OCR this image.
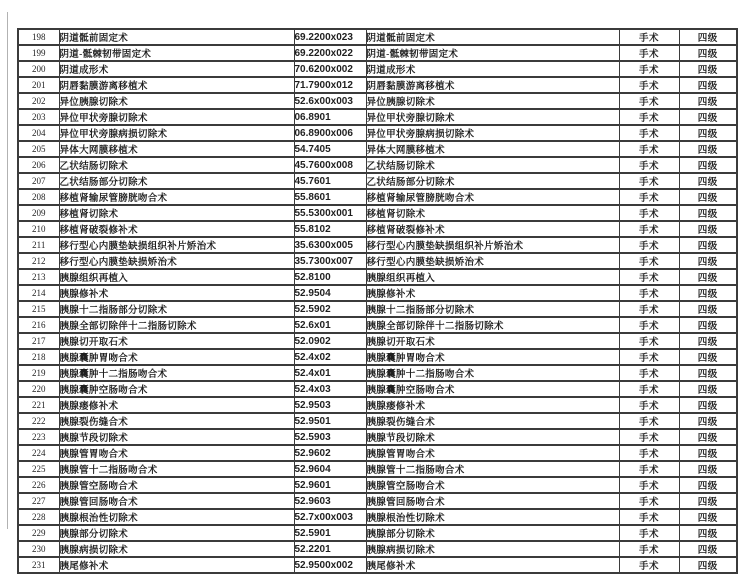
198	阴道骶前固定术	69.2200x023	阴道骶前固定术	手术	四级
199	阴道-骶棘韧带固定术	69.2200x022	阴道-骶棘韧带固定术	手术	四级
200	阴道成形术	70.6200x002	阴道成形术	手术	四级
201	阴唇黏膜游离移植术	71.7900x012	阴唇黏膜游离移植术	手术	四级
202	异位胰腺切除术	52.6x00x003	异位胰腺切除术	手术	四级
203	异位甲状旁腺切除术	06.8901	异位甲状旁腺切除术	手术	四级
204	异位甲状旁腺病损切除术	06.8900x006	异位甲状旁腺病损切除术	手术	四级
205	异体大网膜移植术	54.7405	异体大网膜移植术	手术	四级
206	乙状结肠切除术	45.7600x008	乙状结肠切除术	手术	四级
207	乙状结肠部分切除术	45.7601	乙状结肠部分切除术	手术	四级
208	移植肾输尿管膀胱吻合术	55.8601	移植肾输尿管膀胱吻合术	手术	四级
209	移植肾切除术	55.5300x001	移植肾切除术	手术	四级
210	移植肾破裂修补术	55.8102	移植肾破裂修补术	手术	四级
211	移行型心内膜垫缺损组织补片矫治术	35.6300x005	移行型心内膜垫缺损组织补片矫治术	手术	四级
212	移行型心内膜垫缺损矫治术	35.7300x007	移行型心内膜垫缺损矫治术	手术	四级
213	胰腺组织再植入	52.8100	胰腺组织再植入	手术	四级
214	胰腺修补术	52.9504	胰腺修补术	手术	四级
215	胰腺十二指肠部分切除术	52.5902	胰腺十二指肠部分切除术	手术	四级
216	胰腺全部切除伴十二指肠切除术	52.6x01	胰腺全部切除伴十二指肠切除术	手术	四级
217	胰腺切开取石术	52.0902	胰腺切开取石术	手术	四级
218	胰腺囊肿胃吻合术	52.4x02	胰腺囊肿胃吻合术	手术	四级
219	胰腺囊肿十二指肠吻合术	52.4x01	胰腺囊肿十二指肠吻合术	手术	四级
220	胰腺囊肿空肠吻合术	52.4x03	胰腺囊肿空肠吻合术	手术	四级
221	胰腺瘘修补术	52.9503	胰腺瘘修补术	手术	四级
222	胰腺裂伤缝合术	52.9501	胰腺裂伤缝合术	手术	四级
223	胰腺节段切除术	52.5903	胰腺节段切除术	手术	四级
224	胰腺管胃吻合术	52.9602	胰腺管胃吻合术	手术	四级
225	胰腺管十二指肠吻合术	52.9604	胰腺管十二指肠吻合术	手术	四级
226	胰腺管空肠吻合术	52.9601	胰腺管空肠吻合术	手术	四级
227	胰腺管回肠吻合术	52.9603	胰腺管回肠吻合术	手术	四级
228	胰腺根治性切除术	52.7x00x003	胰腺根治性切除术	手术	四级
229	胰腺部分切除术	52.5901	胰腺部分切除术	手术	四级
230	胰腺病损切除术	52.2201	胰腺病损切除术	手术	四级
231	胰尾修补术	52.9500x002	胰尾修补术	手术	四级
